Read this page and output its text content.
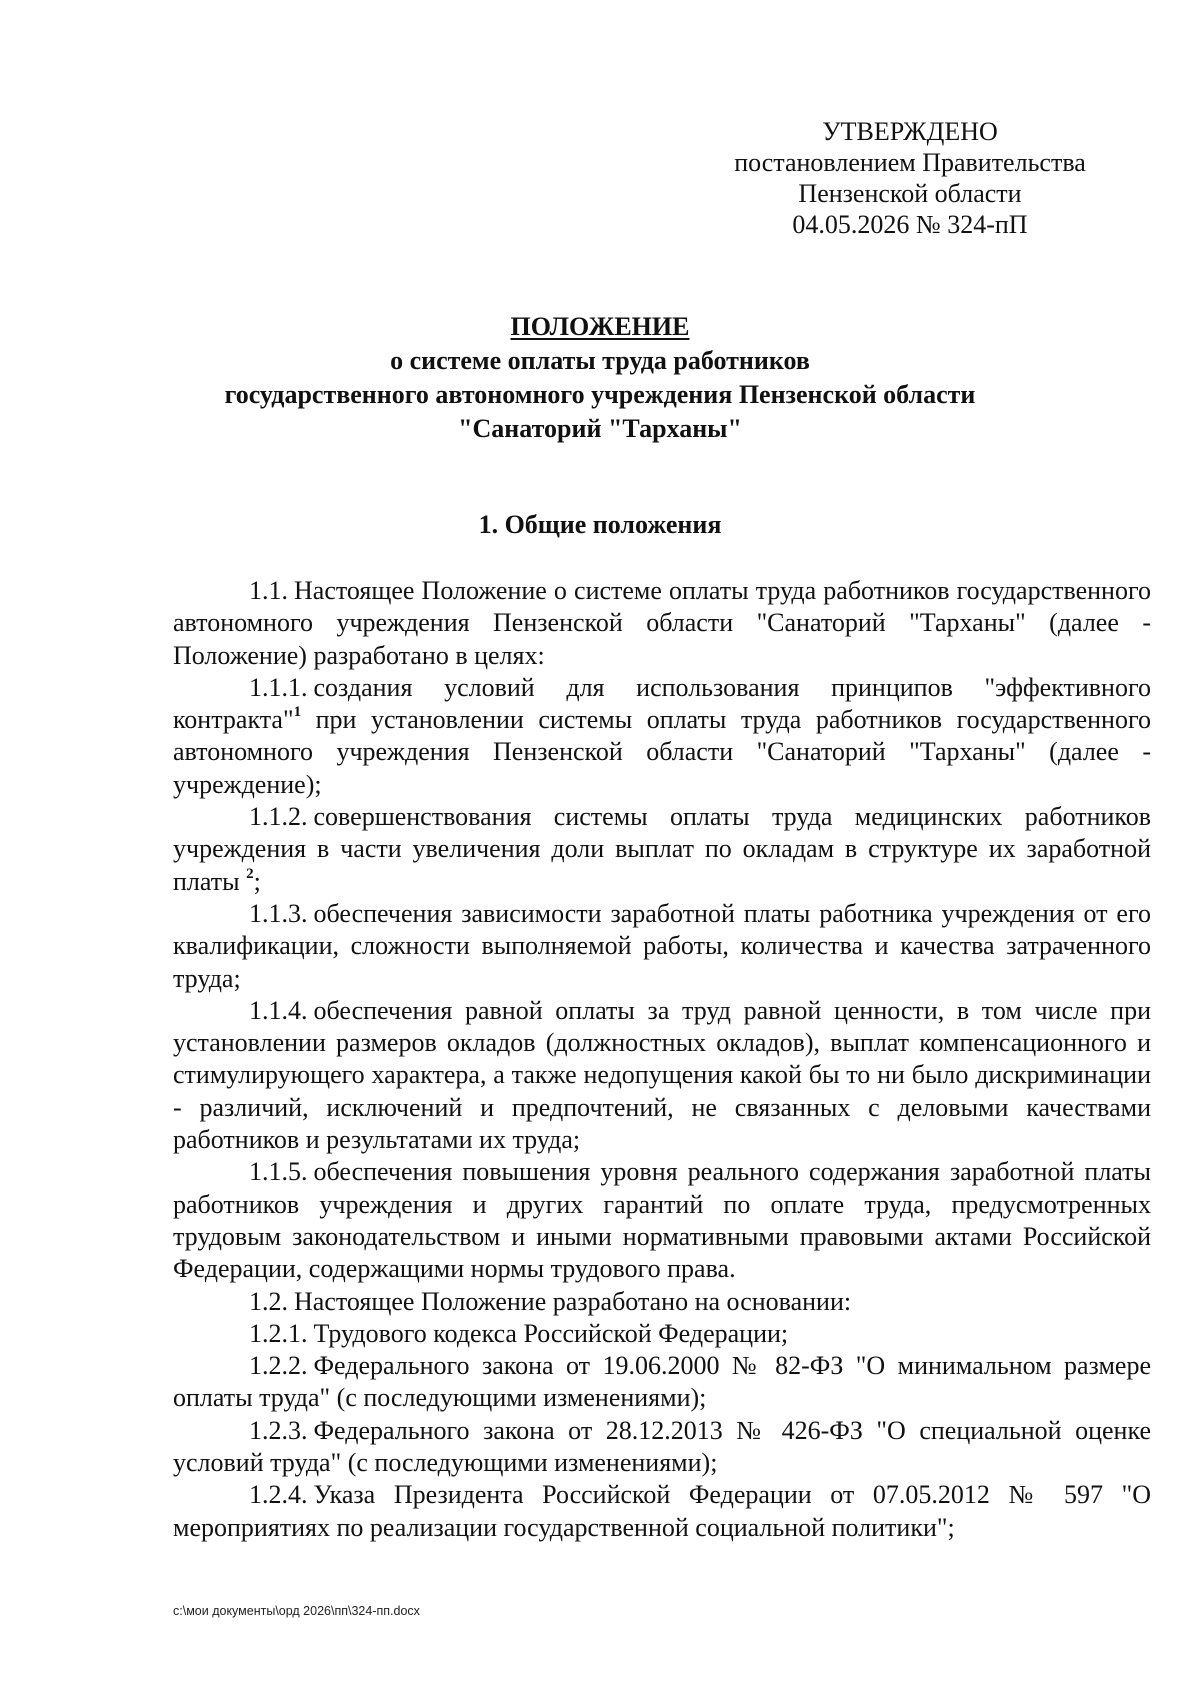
УТВЕРЖДЕНО
постановлением Правительства
Пензенской области
04.05.2026 № 324-пП
ПОЛОЖЕНИЕ
о системе оплаты труда работников
государственного автономного учреждения Пензенской области
"Санаторий "Тарханы"
1. Общие положения

1.1. Настоящее Положение о системе оплаты труда работников государственного автономного учреждения Пензенской области "Санаторий "Тарханы" (далее - Положение) разработано в целях:

1.1.1. создания условий для использования принципов "эффективного контракта"$^1$ при установлении системы оплаты труда работников государственного автономного учреждения Пензенской области "Санаторий "Тарханы" (далее - учреждение);

1.1.2. совершенствования системы оплаты труда медицинских работников учреждения в части увеличения доли выплат по окладам в структуре их заработной платы $^2$;

1.1.3. обеспечения зависимости заработной платы работника учреждения от его квалификации, сложности выполняемой работы, количества и качества затраченного труда;

1.1.4. обеспечения равной оплаты за труд равной ценности, в том числе при установлении размеров окладов (должностных окладов), выплат компенсационного и стимулирующего характера, а также недопущения какой бы то ни было дискриминации - различий, исключений и предпочтений, не связанных с деловыми качествами работников и результатами их труда;

1.1.5. обеспечения повышения уровня реального содержания заработной платы работников учреждения и других гарантий по оплате труда, предусмотренных трудовым законодательством и иными нормативными правовыми актами Российской Федерации, содержащими нормы трудового права.

1.2. Настоящее Положение разработано на основании:

1.2.1. Трудового кодекса Российской Федерации;

1.2.2. Федерального закона от 19.06.2000 № 82-ФЗ "О минимальном размере оплаты труда" (с последующими изменениями);

1.2.3. Федерального закона от 28.12.2013 № 426-ФЗ "О специальной оценке условий труда" (с последующими изменениями);

1.2.4. Указа Президента Российской Федерации от 07.05.2012 № 597 "О мероприятиях по реализации государственной социальной политики";

c:\мои документы\орд 2026\пп\324-пп.docx
